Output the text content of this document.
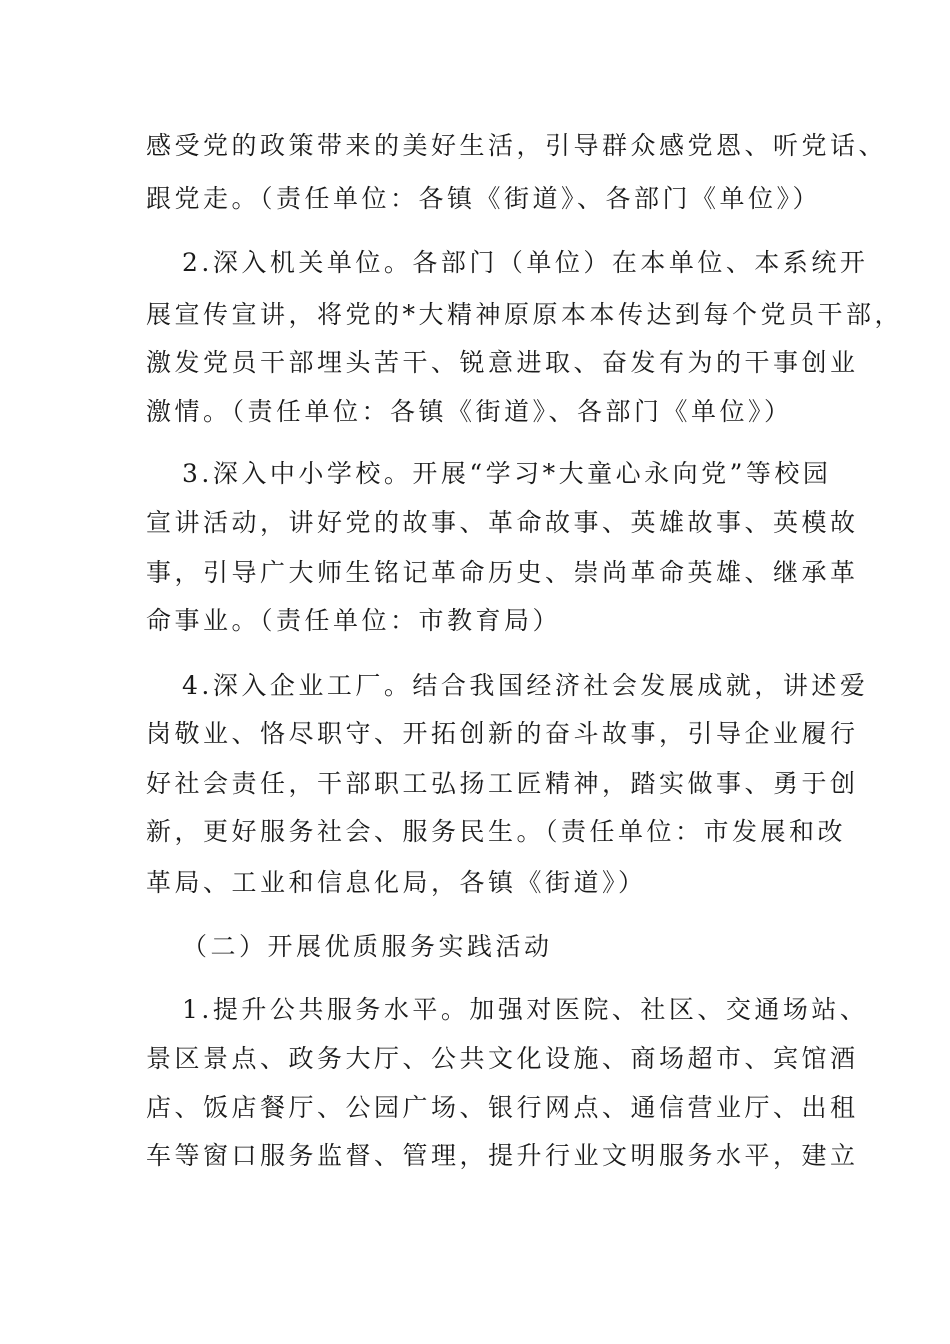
感受党的政策带来的美好生活，引导群众感党恩、听党话、
跟党走。（责任单位：各镇《街道》、各部门《单位》）
2.深入机关单位。各部门（单位）在本单位、本系统开
展宣传宣讲，将党的*大精神原原本本传达到每个党员干部，
激发党员干部埋头苦干、锐意进取、奋发有为的干事创业
激情。（责任单位：各镇《街道》、各部门《单位》）
3.深入中小学校。开展“学习*大童心永向党”等校园
宣讲活动，讲好党的故事、革命故事、英雄故事、英模故
事，引导广大师生铭记革命历史、崇尚革命英雄、继承革
命事业。（责任单位：市教育局）
4.深入企业工厂。结合我国经济社会发展成就，讲述爱
岗敬业、恪尽职守、开拓创新的奋斗故事，引导企业履行
好社会责任，干部职工弘扬工匠精神，踏实做事、勇于创
新，更好服务社会、服务民生。（责任单位：市发展和改
革局、工业和信息化局，各镇《街道》）
（二）开展优质服务实践活动
1.提升公共服务水平。加强对医院、社区、交通场站、
景区景点、政务大厅、公共文化设施、商场超市、宾馆酒
店、饭店餐厅、公园广场、银行网点、通信营业厅、出租
车等窗口服务监督、管理，提升行业文明服务水平，建立
